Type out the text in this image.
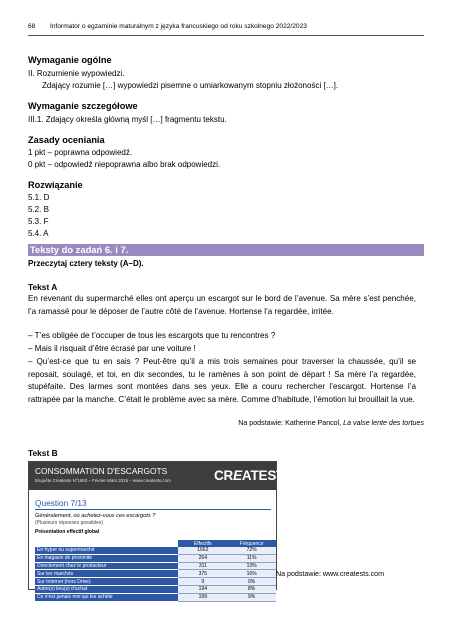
68 Informator o egzaminie maturalnym z języka francuskiego od roku szkolnego 2022/2023
Wymaganie ogólne
II. Rozumienie wypowiedzi.
Zdający rozumie […] wypowiedzi pisemne o umiarkowanym stopniu złożoności […].
Wymaganie szczegółowe
III.1. Zdający określa główną myśl […] fragmentu tekstu.
Zasady oceniania
1 pkt – poprawna odpowiedź.
0 pkt – odpowiedź niepoprawna albo brak odpowiedzi.
Rozwiązanie
5.1. D
5.2. B
5.3. F
5.4. A
Teksty do zadań 6. i 7.
Przeczytaj cztery teksty (A–D).
Tekst A
En revenant du supermarché elles ont aperçu un escargot sur le bord de l’avenue. Sa mère s’est penchée, l’a ramassé pour le déposer de l’autre côté de l’avenue. Hortense l’a regardée, irritée.
– T’es obligée de t’occuper de tous les escargots que tu rencontres ?
– Mais il risquait d’être écrasé par une voiture !
– Qu’est-ce que tu en sais ? Peut-être qu’il a mis trois semaines pour traverser la chaussée, qu’il se reposait, soulagé, et toi, en dix secondes, tu le ramènes à son point de départ ! Sa mère l’a regardée, stupéfaite. Des larmes sont montées dans ses yeux. Elle a couru rechercher l’escargot. Hortense l’a rattrapée par la manche. C’était le problème avec sa mère. Comme d’habitude, l’émotion lui brouillait la vue.
Na podstawie: Katherine Pancol, La valse lente des tortues
Tekst B
CONSOMMATION D'ESCARGOTS
Enquête Creatests N°1863 – Février-Mars 2015 – www.creatests.com	CREATESTS
Question 7/13
Généralement, où achetez-vous ces escargots ?
(Plusieurs réponses possibles)
Présentation effectif global
	Effectifs	Fréquence
En hyper ou supermarché	1662	72%
En magasin de proximité	264	11%
Directement chez le producteur	311	13%
Sur les marchés	375	16%
Sur Internet (hors Drive)	9	0%
Autre(s) lieu(x) d'achat	194	8%
Ce n'est jamais moi qui les achète	199	9%
Na podstawie: www.creatests.com
